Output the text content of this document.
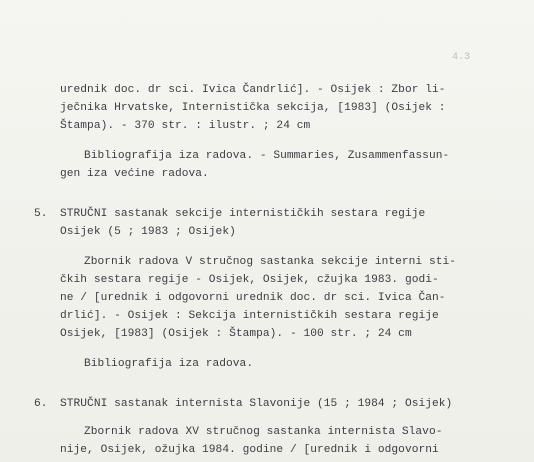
4.3
urednik doc. dr sci. Ivica Čandrlić]. - Osijek : Zbor li-
ječnika Hrvatske, Internistička sekcija, [1983] (Osijek :
Štampa). - 370 str. : ilustr. ; 24 cm
Bibliografija iza radova. - Summaries, Zusammenfassun-
gen iza većine radova.
5. STRUČNI sastanak sekcije internističkih sestara regije
Osijek (5 ; 1983 ; Osijek)
Zbornik radova V stručnog sastanka sekcije interni sti-
čkih sestara regije - Osijek, Osijek, cžujka 1983. godi-
ne / [urednik i odgovorni urednik doc. dr sci. Ivica Čan-
drlić]. - Osijek : Sekcija internističkih sestara regije
Osijek, [1983] (Osijek : Štampa). - 100 str. ; 24 cm
Bibliografija iza radova.
6. STRUČNI sastanak internista Slavonije (15 ; 1984 ; Osijek)
Zbornik radova XV stručnog sastanka internista Slavo-
nije, Osijek, ožujka 1984. godine / [urednik i odgovorni
